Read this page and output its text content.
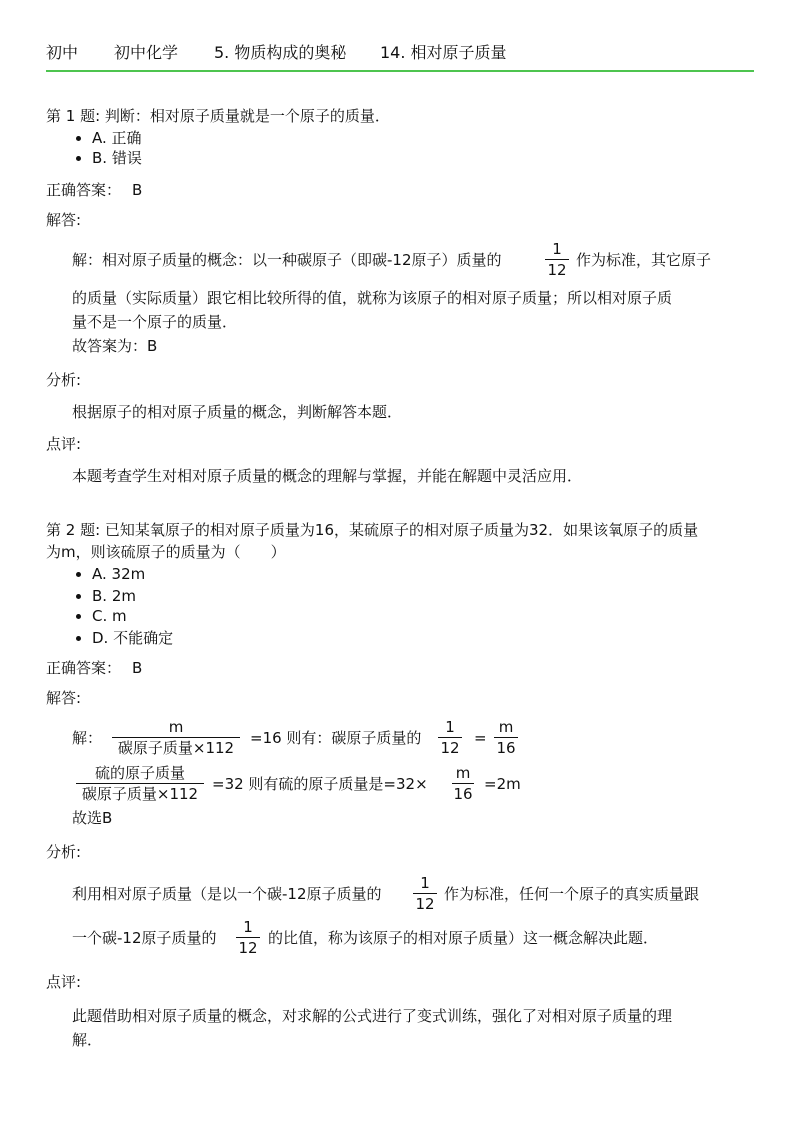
初中 初中化学 5. 物质构成的奥秘 14. 相对原子质量
第 1 题: 判断：相对原子质量就是一个原子的质量．
A. 正确
B. 错误
正确答案： B
解答:
解：相对原子质量的概念：以一种碳原子（即碳-12原子）质量的
1
12
作为标准，其它原子
的质量（实际质量）跟它相比较所得的值，就称为该原子的相对原子质量；所以相对原子质
量不是一个原子的质量．
故答案为：B
分析:
根据原子的相对原子质量的概念，判断解答本题．
点评:
本题考查学生对相对原子质量的概念的理解与掌握，并能在解题中灵活应用．
第 2 题: 已知某氧原子的相对原子质量为16，某硫原子的相对原子质量为32．如果该氧原子的质量
为m，则该硫原子的质量为（　　）
A. 32m
B. 2m
C. m
D. 不能确定
正确答案： B
解答:
解：
m
碳原子质量×112
=16 则有：碳原子质量的
1
12
=
m
16
硫的原子质量
碳原子质量×112
=32 则有硫的原子质量是=32×
m
16
=2m
故选B
分析:
利用相对原子质量（是以一个碳-12原子质量的
1
12
作为标准，任何一个原子的真实质量跟
一个碳-12原子质量的
1
12
的比值，称为该原子的相对原子质量）这一概念解决此题．
点评:
此题借助相对原子质量的概念，对求解的公式进行了变式训练，强化了对相对原子质量的理
解．
